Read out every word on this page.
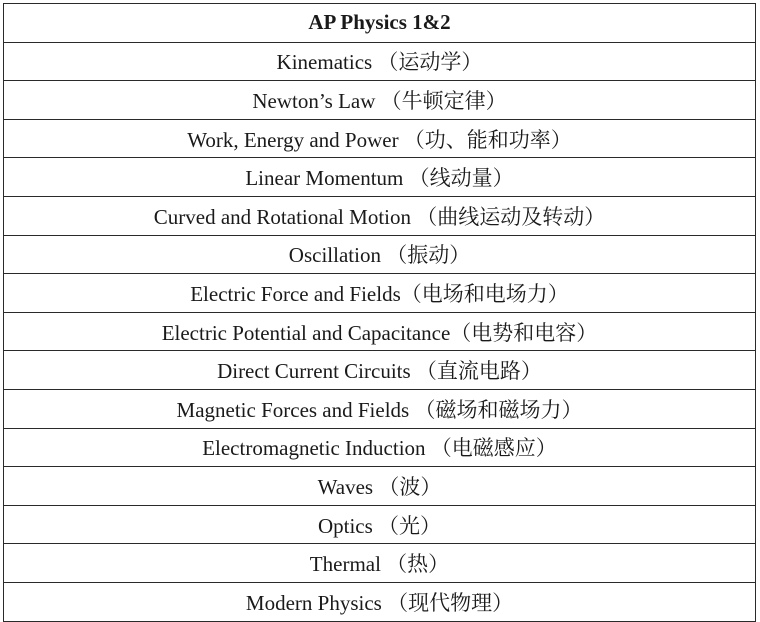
AP Physics 1&2
Kinematics （运动学）
Newton’s Law （牛顿定律）
Work, Energy and Power （功、能和功率）
Linear Momentum （线动量）
Curved and Rotational Motion （曲线运动及转动）
Oscillation （振动）
Electric Force and Fields（电场和电场力）
Electric Potential and Capacitance（电势和电容）
Direct Current Circuits （直流电路）
Magnetic Forces and Fields （磁场和磁场力）
Electromagnetic Induction （电磁感应）
Waves （波）
Optics （光）
Thermal （热）
Modern Physics （现代物理）
